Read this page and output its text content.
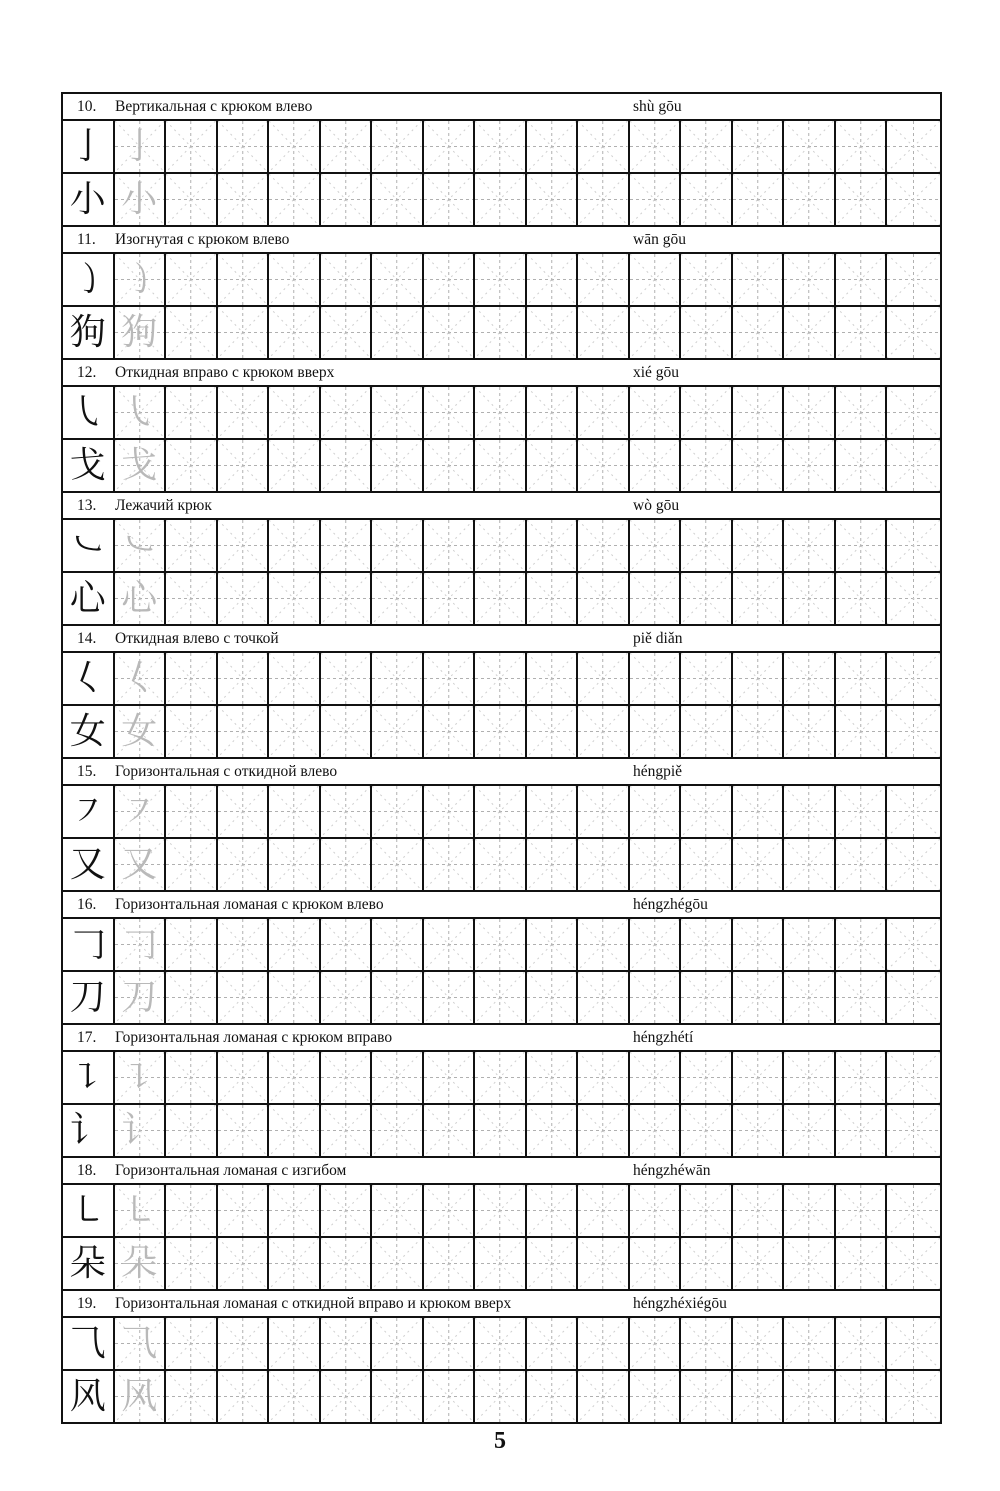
10. Вертикальная с крюком влево	shù gōu
亅 亅
小 小
11. Изогнутая с крюком влево	wān gōu
㇁ ㇁
狗 狗
12. Откидная вправо с крюком вверх	xié gōu
㇂ ㇂
戈 戈
13. Лежачий крюк	wò gōu
㇃ ㇃
心 心
14. Откидная влево с точкой	piě diǎn
𡿨 𡿨
女 女
15. Горизонтальная с откидной влево	héngpiě
㇇ ㇇
又 又
16. Горизонтальная ломаная с крюком влево	héngzhégōu
𠃌 𠃌
刀 刀
17. Горизонтальная ломаная с крюком вправо	héngzhétí
㇊ ㇊
讠 讠
18. Горизонтальная ломаная с изгибом	héngzhéwān
㇄ ㇄
朵 朵
19. Горизонтальная ломаная с откидной вправо и крюком вверх	héngzhéxiégōu
⺄ ⺄
风 风
5
